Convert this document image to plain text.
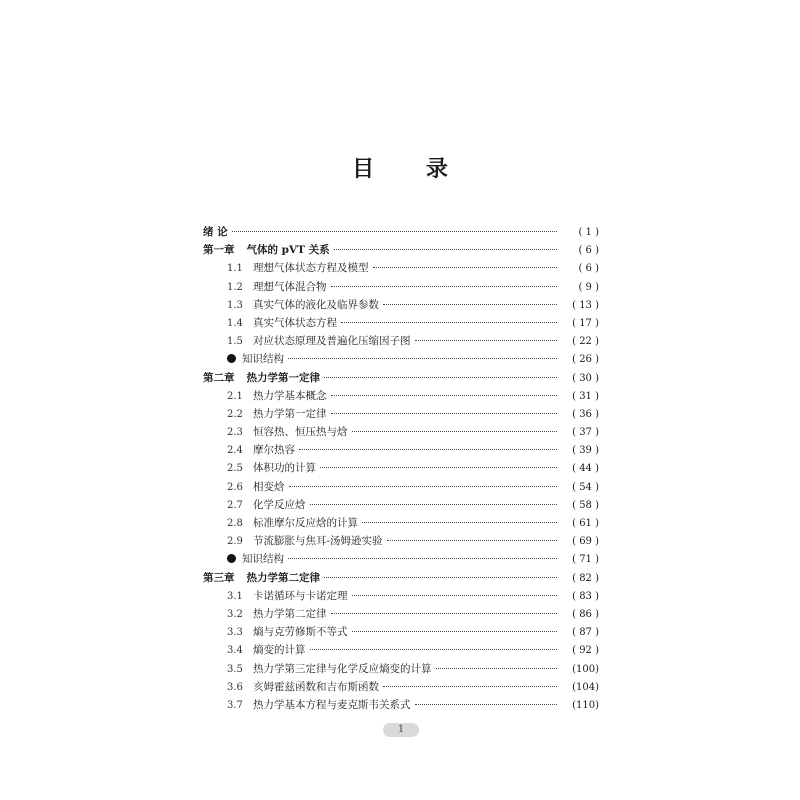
目 录
绪 论	( 1 )
第一章 气体的 pVT 关系	( 6 )
1.1 理想气体状态方程及模型	( 6 )
1.2 理想气体混合物	( 9 )
1.3 真实气体的液化及临界参数	( 13 )
1.4 真实气体状态方程	( 17 )
1.5 对应状态原理及普遍化压缩因子图	( 22 )
知识结构	( 26 )
第二章 热力学第一定律	( 30 )
2.1 热力学基本概念	( 31 )
2.2 热力学第一定律	( 36 )
2.3 恒容热、恒压热与焓	( 37 )
2.4 摩尔热容	( 39 )
2.5 体积功的计算	( 44 )
2.6 相变焓	( 54 )
2.7 化学反应焓	( 58 )
2.8 标准摩尔反应焓的计算	( 61 )
2.9 节流膨胀与焦耳-汤姆逊实验	( 69 )
知识结构	( 71 )
第三章 热力学第二定律	( 82 )
3.1 卡诺循环与卡诺定理	( 83 )
3.2 热力学第二定律	( 86 )
3.3 熵与克劳修斯不等式	( 87 )
3.4 熵变的计算	( 92 )
3.5 热力学第三定律与化学反应熵变的计算	(100)
3.6 亥姆霍兹函数和吉布斯函数	(104)
3.7 热力学基本方程与麦克斯韦关系式	(110)
1
